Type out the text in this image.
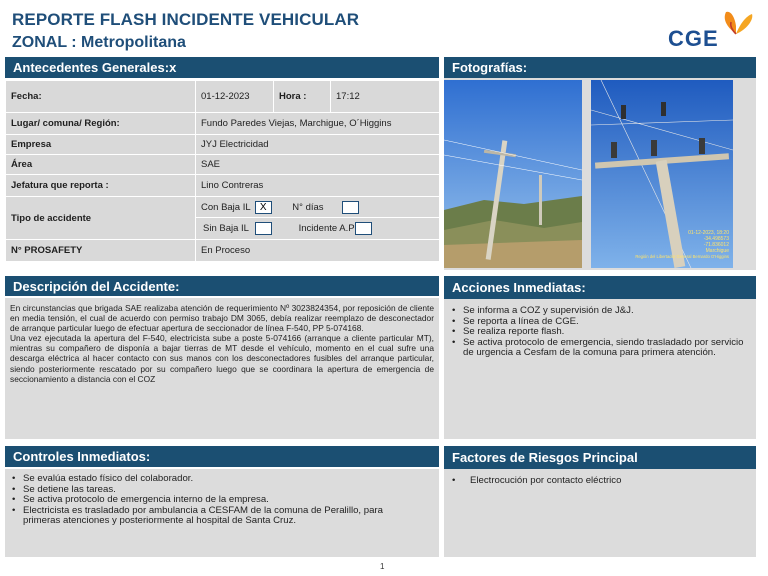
REPORTE FLASH INCIDENTE VEHICULAR
ZONAL : Metropolitana	CGE
Antecedentes Generales:x
Fecha:	01-12-2023	Hora :	17:12
Lugar/ comuna/ Región:	Fundo Paredes Viejas, Marchigue, O´Higgins		
Empresa	JYJ Electricidad		
Área	SAE		
Jefatura que reporta :	Lino Contreras		
Tipo de accidente	Con Baja IL X N° días		
	Sin Baja IL Incidente A.P		
N° PROSAFETY	En Proceso		
Fotografías:
01-12-2023, 18:20
-34.498573
-71.836012
Marchigue
Región del Libertador General Bernardo O'Higgins
Descripción del Accidente:
En circunstancias que brigada SAE realizaba atención de requerimiento Nº 3023824354, por reposición de cliente en media tensión, el cual de acuerdo con permiso trabajo DM 3065, debía realizar reemplazo de desconectador de arranque particular luego de efectuar apertura de seccionador de línea F-540, PP 5-074168.
Una vez ejecutada la apertura del F-540, electricista sube a poste 5-074166 (arranque a cliente particular MT), mientras su compañero de disponía a bajar tierras de MT desde el vehículo, momento en el cual sufre una descarga eléctrica al hacer contacto con sus manos con los desconectadores fusibles del arranque particular, siendo posteriormente rescatado por su compañero luego que se coordinara la apertura de emergencia de seccionamiento a distancia con el COZ
Acciones Inmediatas:
• Se informa a COZ y supervisión de J&J.
• Se reporta a línea de CGE.
• Se realiza reporte flash.
• Se activa protocolo de emergencia, siendo trasladado por servicio de urgencia a Cesfam de la comuna para primera atención.
Controles Inmediatos:
• Se evalúa estado físico del colaborador.
• Se detiene las tareas.
• Se activa protocolo de emergencia interno de la empresa.
• Electricista es trasladado por ambulancia a CESFAM de la comuna de Peralillo, para primeras atenciones y posteriormente al hospital de Santa Cruz.
Factores de Riesgos Principal
• Electrocución por contacto eléctrico
1
